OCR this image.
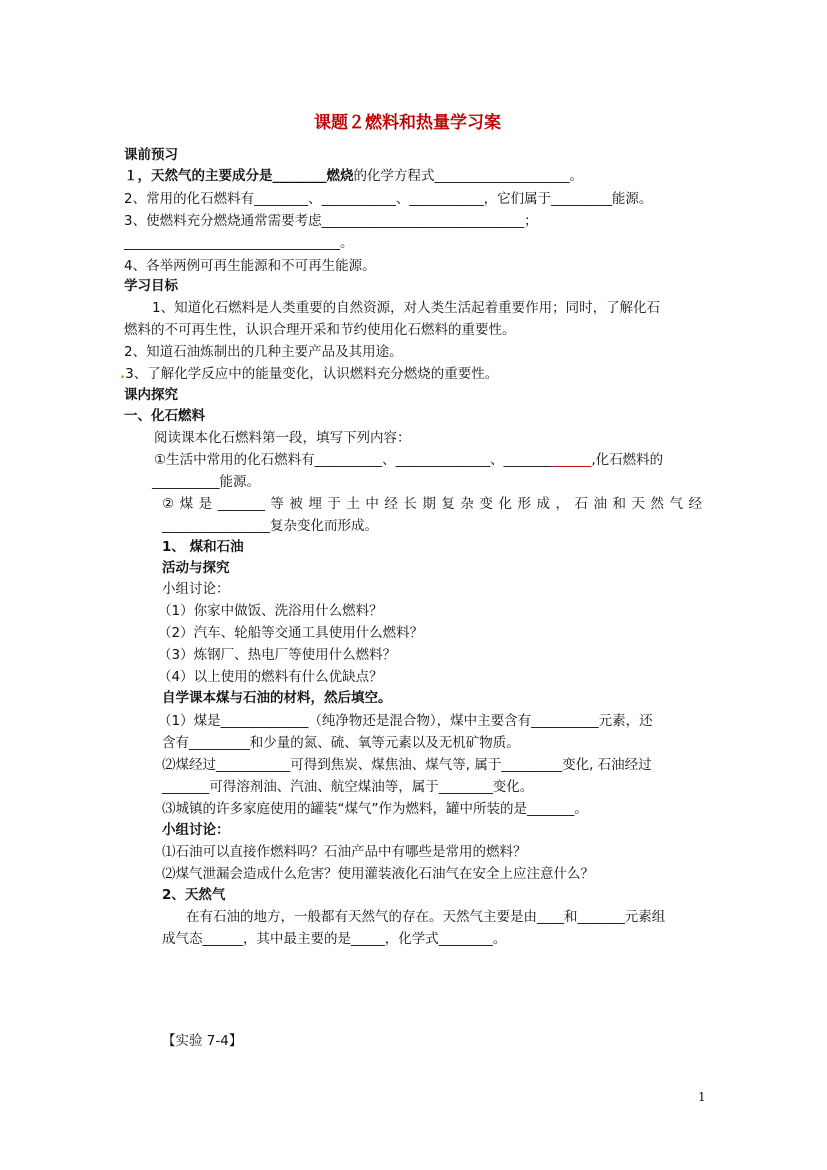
课题２燃料和热量学习案
课前预习
１，天然气的主要成分是________燃烧的化学方程式____________________。
2、常用的化石燃料有________、___________、___________，它们属于_________能源。
3、使燃料充分燃烧通常需要考虑______________________________；
________________________________。
4、各举两例可再生能源和不可再生能源。
学习目标
1、知道化石燃料是人类重要的自然资源，对人类生活起着重要作用；同时，了解化石
燃料的不可再生性，认识合理开采和节约使用化石燃料的重要性。
2、知道石油炼制出的几种主要产品及其用途。
.3、了解化学反应中的能量变化，认识燃料充分燃烧的重要性。
课内探究
一、化石燃料
阅读课本化石燃料第一段，填写下列内容：
①生活中常用的化石燃料有__________、______________、_____________,化石燃料的
__________能源。
②煤是_______等被埋于土中经长期复杂变化形成，石油和天然气经
________________复杂变化而形成。
1、 煤和石油
活动与探究
小组讨论：
（1）你家中做饭、洗浴用什么燃料？
（2）汽车、轮船等交通工具使用什么燃料？
（3）炼钢厂、热电厂等使用什么燃料？
（4）以上使用的燃料有什么优缺点？
自学课本煤与石油的材料，然后填空。
（1）煤是_____________（纯净物还是混合物），煤中主要含有__________元素，还
含有_________和少量的氮、硫、氧等元素以及无机矿物质。
⑵煤经过___________可得到焦炭、煤焦油、煤气等, 属于_________变化, 石油经过
_______可得溶剂油、汽油、航空煤油等，属于________变化。
⑶城镇的许多家庭使用的罐装“煤气”作为燃料，罐中所装的是_______。
小组讨论：
⑴石油可以直接作燃料吗？石油产品中有哪些是常用的燃料？
⑵煤气泄漏会造成什么危害？使用灌装液化石油气在安全上应注意什么？
2、天然气
在有石油的地方，一般都有天然气的存在。天然气主要是由____和_______元素组
成气态______，其中最主要的是_____，化学式________。
【实验 7-4】
1
